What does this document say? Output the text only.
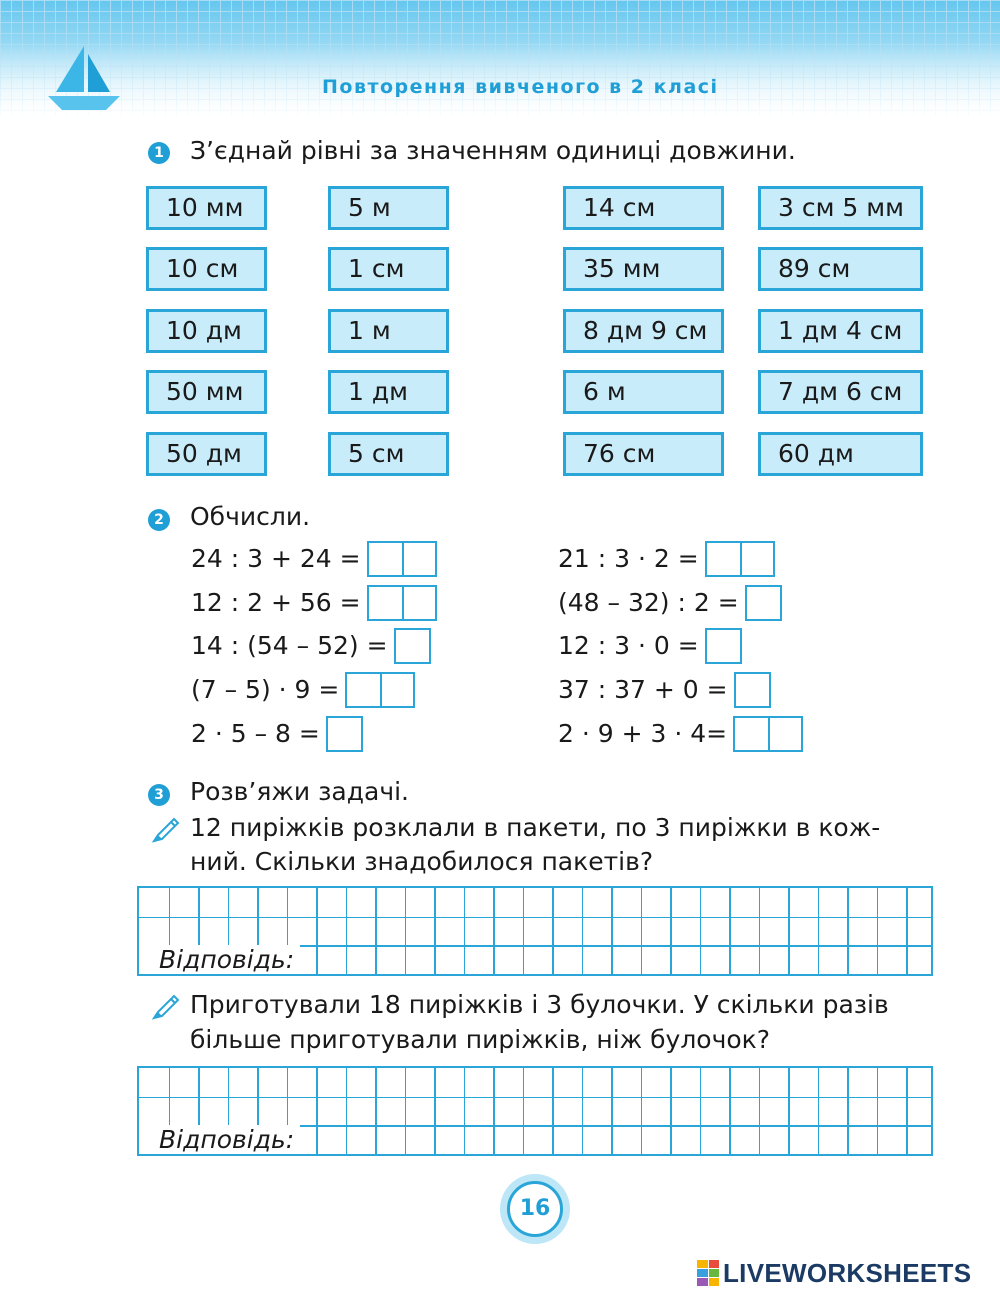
Повторення вивченого в 2 класі
1 З’єднай рівні за значенням одиниці довжини.
10 мм
10 см
10 дм
50 мм
50 дм
5 м
1 см
1 м
1 дм
5 см
14 см
35 мм
8 дм 9 см
6 м
76 см
3 см 5 мм
89 см
1 дм 4 см
7 дм 6 см
60 дм
2 Обчисли.
24 : 3 + 24 =
12 : 2 + 56 =
14 : (54 – 52) =
(7 – 5) · 9 =
2 · 5 – 8 =
21 : 3 · 2 =
(48 – 32) : 2 =
12 : 3 · 0 =
37 : 37 + 0 =
2 · 9 + 3 · 4=
3 Розв’яжи задачі.
12 пиріжків розклали в пакети, по 3 пиріжки в кож-
ний. Скільки знадобилося пакетів?
Відповідь:
Приготували 18 пиріжків і 3 булочки. У скільки разів
більше приготували пиріжків, ніж булочок?
Відповідь:
16
LIVEWORKSHEETS
